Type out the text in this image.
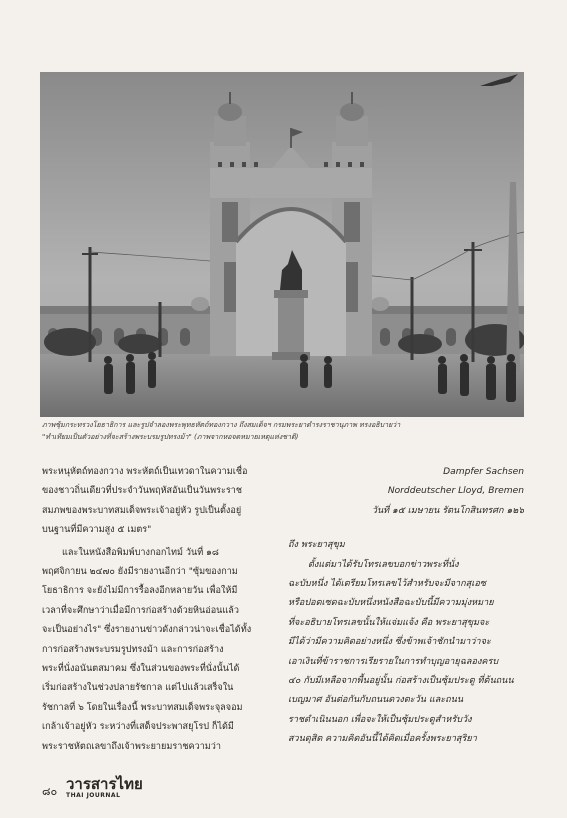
ภาพซุ้มกระทรวงโยธาธิการ และรูปจำลองพระพุทธหัตถ์ทองกวาง ถึงสมเด็จฯ กรมพระยาดำรงราชานุภาพ ทรงอธิบายว่า

"ทำเทียมเป็นตัวอย่างที่จะสร้างพระบรมรูปทรงม้า" (ภาพจากหอจดหมายเหตุแห่งชาติ)

พระหนุหัตถ์ทองกวาง พระหัตถ์เป็นเทวดาในความเชื่อ

ของชาวถิ่นเดียวที่ประจำวันพฤหัสอันเป็นวันพระราช

สมภพของพระบาทสมเด็จพระเจ้าอยู่หัว รูปเป็นตั้งอยู่

บนฐานที่มีความสูง ๕ เมตร"

และในหนังสือพิมพ์บางกอกไทม์ วันที่ ๑๘

พฤศจิกายน ๒๔๗๐ ยังมีรายงานอีกว่า "ซุ้มของกาม

โยธาธิการ จะยังไม่มีการรื้อลงอีกหลายวัน เพื่อให้มี

เวลาที่จะศึกษาว่าเมื่อมีการก่อสร้างด้วยหินอ่อนแล้ว

จะเป็นอย่างไร" ซึ่งรายงานข่าวดังกล่าวน่าจะเชื่อได้ทั้ง

การก่อสร้างพระบรมรูปทรงม้า และการก่อสร้าง

พระที่นั่งอนันตสมาคม ซึ่งในส่วนของพระที่นั่งนั้นได้

เริ่มก่อสร้างในช่วงปลายรัชกาล แต่ไปแล้วเสร็จใน

รัชกาลที่ ๖ โดยในเรื่องนี้ พระบาทสมเด็จพระจุลจอม

เกล้าเจ้าอยู่หัว ระหว่างที่เสด็จประพาสยุโรป ก็ได้มี

พระราชหัตถเลขาถึงเจ้าพระยายมราชความว่า

Dampfer Sachsen

Norddeutscher Lloyd, Bremen

วันที่ ๑๕ เมษายน รัตนโกสินทรศก ๑๒๖

ถึง พระยาสุขุม

ตั้งแต่มาได้รับโทรเลขบอกข่าวพระที่นั่ง

ฉะบับหนึ่ง ได้เตรียมโทรเลขไว้สำหรับจะมีจากสุเอซ

หรือปอตเซดฉะบับหนึ่งหนังสือฉะบับนี้มีความมุ่งหมาย

ที่จะอธิบายโทรเลขนั้นให้แจ่มแจ้ง คือ พระยาสุขุมจะ

มีได้ว่ามีความคิดอย่างหนึ่ง ซึ่งข้าพเจ้าชักนำมาว่าจะ

เอาเงินที่ข้าราชการเรียรายในการทำบุญอายุฉลองครบ

๔๐ กับมีเหลือจากพื้นอยู่นั้น ก่อสร้างเป็นซุ้มประตู ที่ต้นถนน

เบญมาศ อันต่อกันกับถนนดวงตะวัน และถนน

ราชดำเนินนอก เพื่อจะให้เป็นซุ้มประตูสำหรับวัง

สวนดุสิต ความคิดอันนี้ได้คิดเมื่อครั้งพระยาสุริยา

๘๐ วารสารไทย
THAI JOURNAL
